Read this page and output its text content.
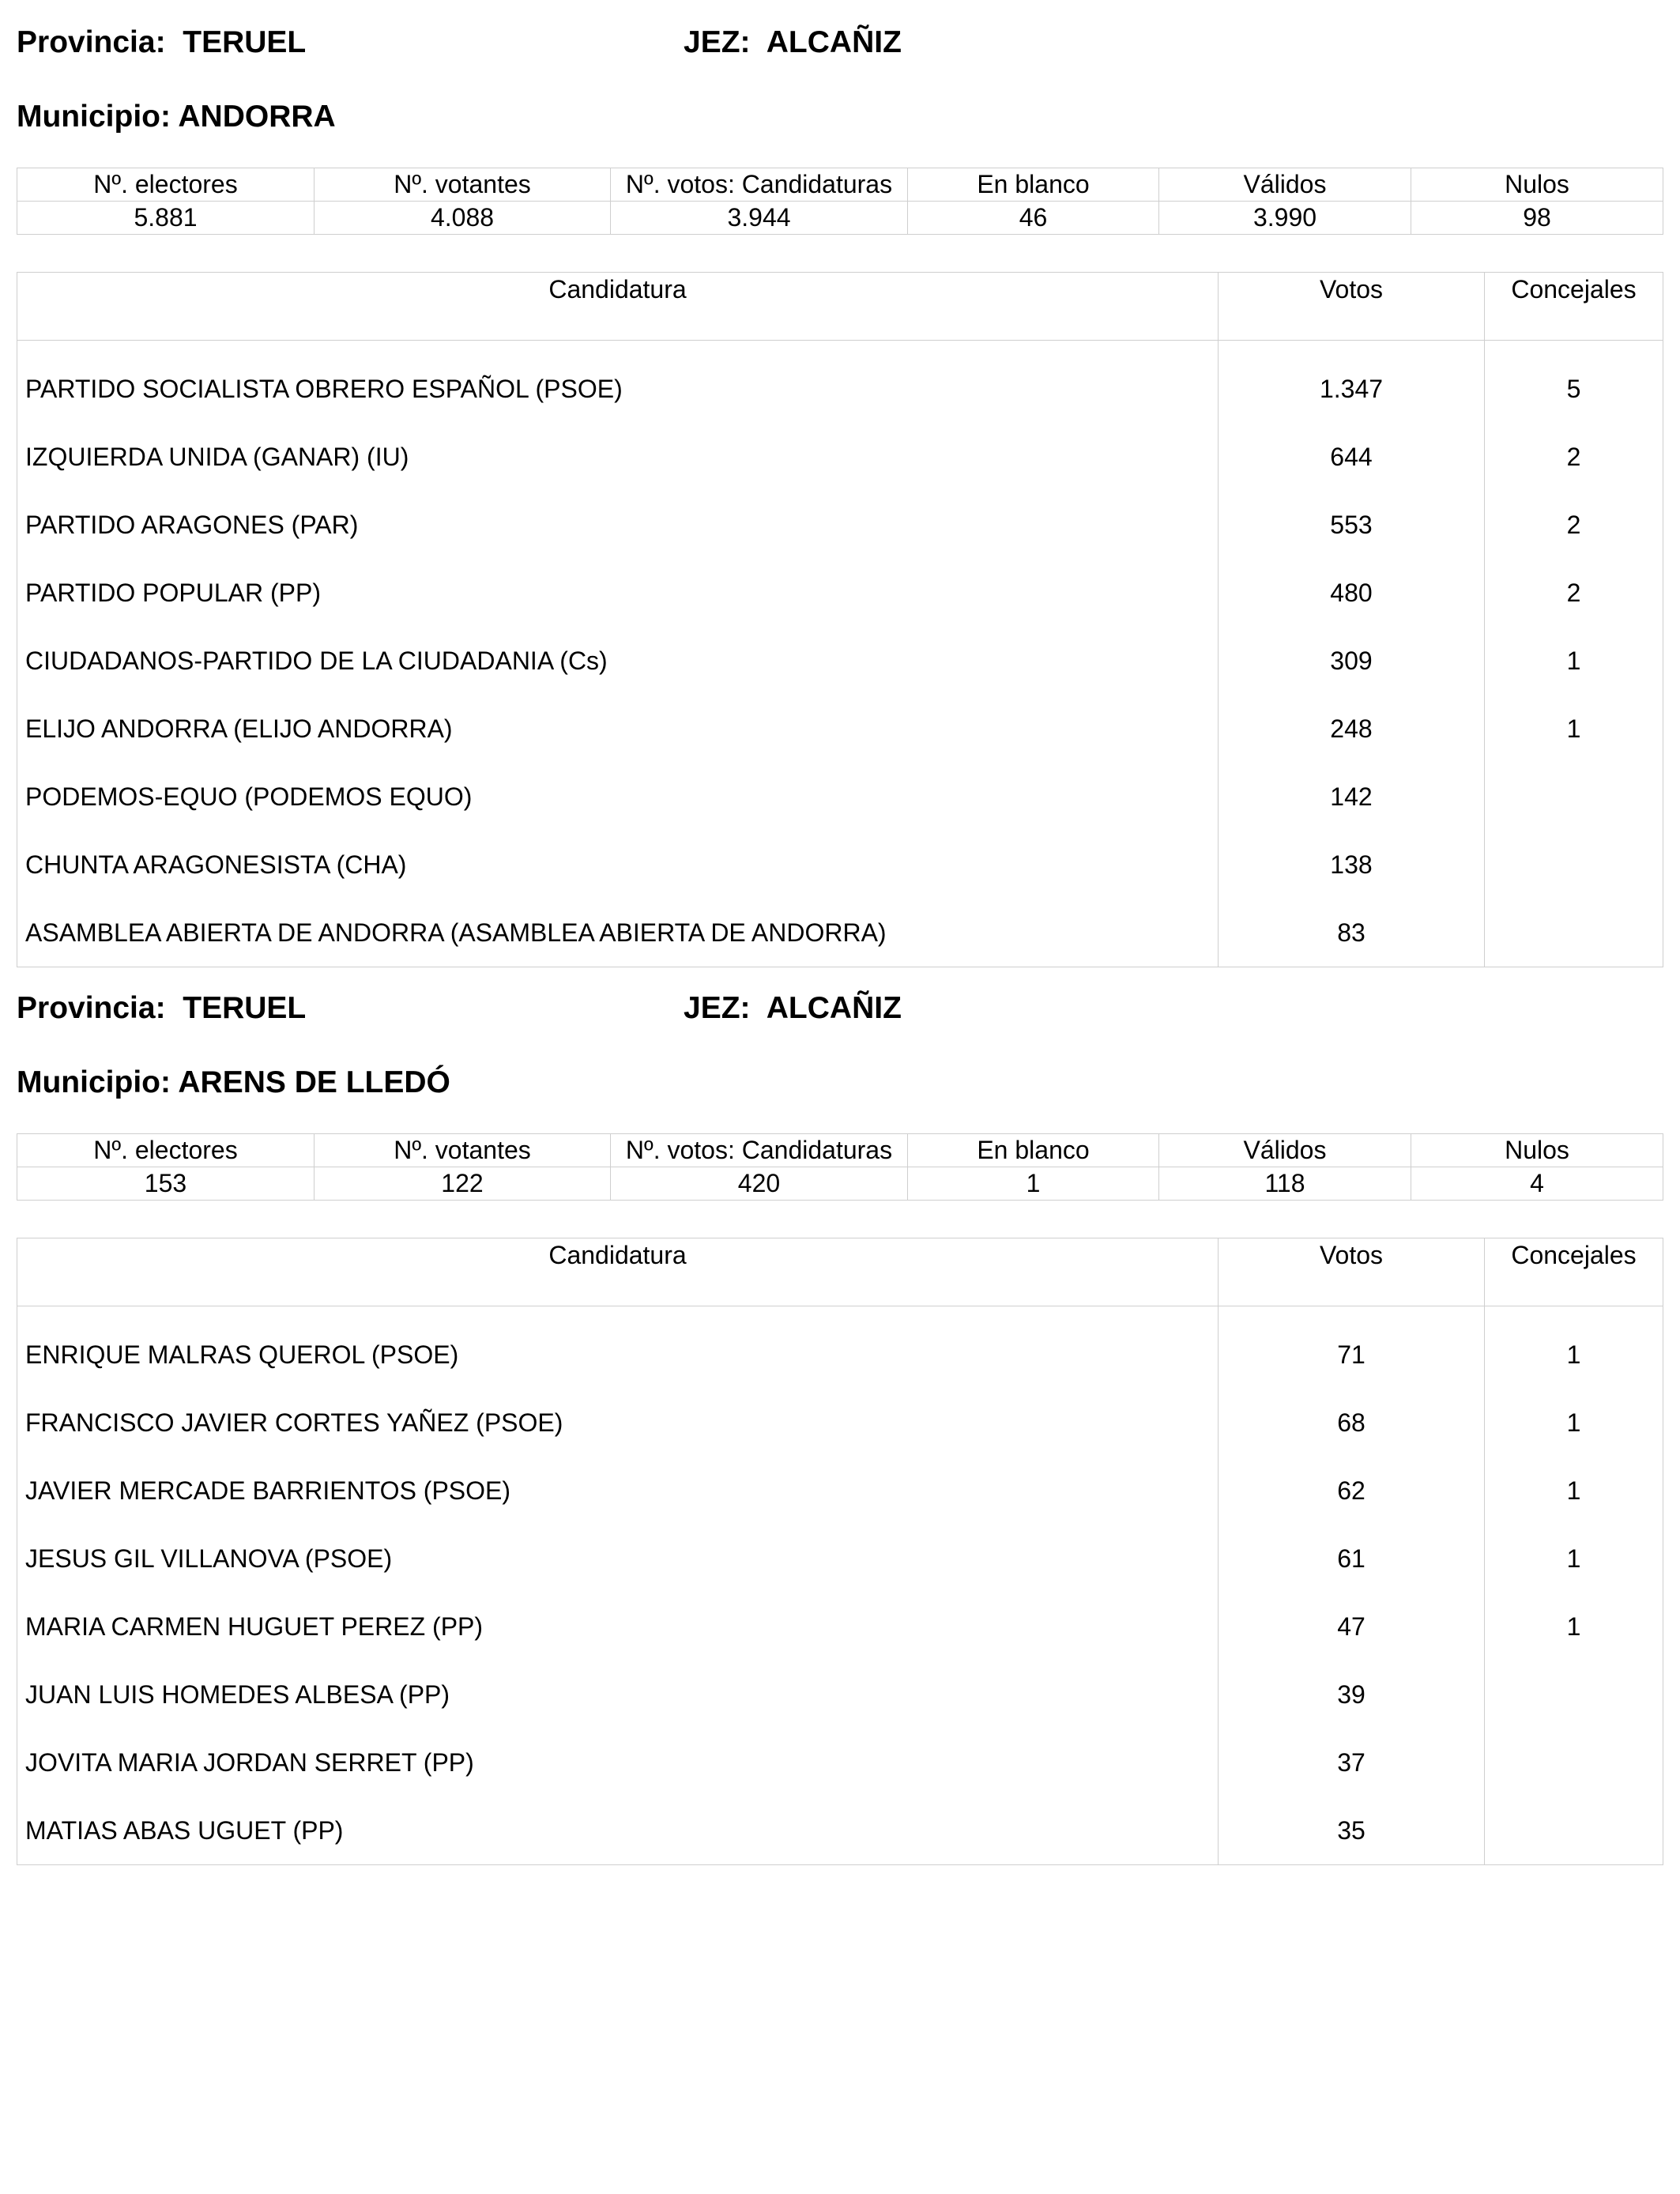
Provincia: TERUEL	JEZ: ALCAÑIZ
Municipio: ANDORRA
Nº. electores	Nº. votantes	Nº. votos: Candidaturas	En blanco	Válidos	Nulos
5.881	4.088	3.944	46	3.990	98
Candidatura	Votos	Concejales
PARTIDO SOCIALISTA OBRERO ESPAÑOL (PSOE)	1.347	5
IZQUIERDA UNIDA (GANAR) (IU)	644	2
PARTIDO ARAGONES (PAR)	553	2
PARTIDO POPULAR (PP)	480	2
CIUDADANOS-PARTIDO DE LA CIUDADANIA (Cs)	309	1
ELIJO ANDORRA (ELIJO ANDORRA)	248	1
PODEMOS-EQUO (PODEMOS EQUO)	142	
CHUNTA ARAGONESISTA (CHA)	138	
ASAMBLEA ABIERTA DE ANDORRA (ASAMBLEA ABIERTA DE ANDORRA)	83	
Provincia: TERUEL	JEZ: ALCAÑIZ
Municipio: ARENS DE LLEDÓ
Nº. electores	Nº. votantes	Nº. votos: Candidaturas	En blanco	Válidos	Nulos
153	122	420	1	118	4
Candidatura	Votos	Concejales
ENRIQUE MALRAS QUEROL (PSOE)	71	1
FRANCISCO JAVIER CORTES YAÑEZ (PSOE)	68	1
JAVIER MERCADE BARRIENTOS (PSOE)	62	1
JESUS GIL VILLANOVA (PSOE)	61	1
MARIA CARMEN HUGUET PEREZ (PP)	47	1
JUAN LUIS HOMEDES ALBESA (PP)	39	
JOVITA MARIA JORDAN SERRET (PP)	37	
MATIAS ABAS UGUET (PP)	35	
